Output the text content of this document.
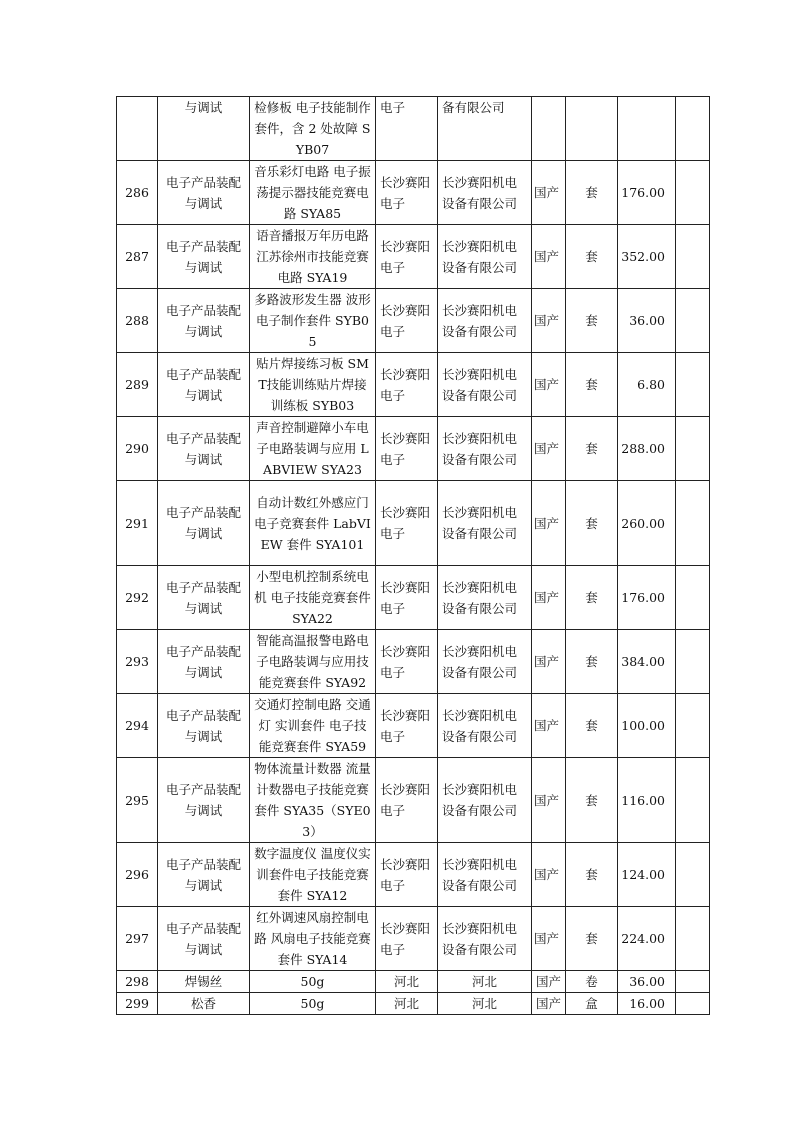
	与调试	检修板 电子技能制作套件，含 2 处故障 SYB07	电子	备有限公司				
286	电子产品装配与调试	音乐彩灯电路 电子振荡提示器技能竞赛电路 SYA85	长沙赛阳电子	长沙赛阳机电设备有限公司	国产	套	176.00	
287	电子产品装配与调试	语音播报万年历电路江苏徐州市技能竞赛电路 SYA19	长沙赛阳电子	长沙赛阳机电设备有限公司	国产	套	352.00	
288	电子产品装配与调试	多路波形发生器 波形 电子制作套件 SYB05	长沙赛阳电子	长沙赛阳机电设备有限公司	国产	套	36.00	
289	电子产品装配与调试	贴片焊接练习板 SMT技能训练贴片焊接训练板 SYB03	长沙赛阳电子	长沙赛阳机电设备有限公司	国产	套	6.80	
290	电子产品装配与调试	声音控制避障小车电子电路装调与应用 LABVIEW SYA23	长沙赛阳电子	长沙赛阳机电设备有限公司	国产	套	288.00	
291	电子产品装配与调试	自动计数红外感应门电子竞赛套件 LabVIEW 套件 SYA101	长沙赛阳电子	长沙赛阳机电设备有限公司	国产	套	260.00	
292	电子产品装配与调试	小型电机控制系统电机 电子技能竞赛套件 SYA22	长沙赛阳电子	长沙赛阳机电设备有限公司	国产	套	176.00	
293	电子产品装配与调试	智能高温报警电路电子电路装调与应用技能竞赛套件 SYA92	长沙赛阳电子	长沙赛阳机电设备有限公司	国产	套	384.00	
294	电子产品装配与调试	交通灯控制电路 交通灯 实训套件 电子技能竞赛套件 SYA59	长沙赛阳电子	长沙赛阳机电设备有限公司	国产	套	100.00	
295	电子产品装配与调试	物体流量计数器 流量 计数器电子技能竞赛套件 SYA35（SYE03）	长沙赛阳电子	长沙赛阳机电设备有限公司	国产	套	116.00	
296	电子产品装配与调试	数字温度仪 温度仪实训套件电子技能竞赛套件 SYA12	长沙赛阳电子	长沙赛阳机电设备有限公司	国产	套	124.00	
297	电子产品装配与调试	红外调速风扇控制电路 风扇电子技能竞赛套件 SYA14	长沙赛阳电子	长沙赛阳机电设备有限公司	国产	套	224.00	
298	焊锡丝	50g	河北	河北	国产	卷	36.00	
299	松香	50g	河北	河北	国产	盒	16.00	
